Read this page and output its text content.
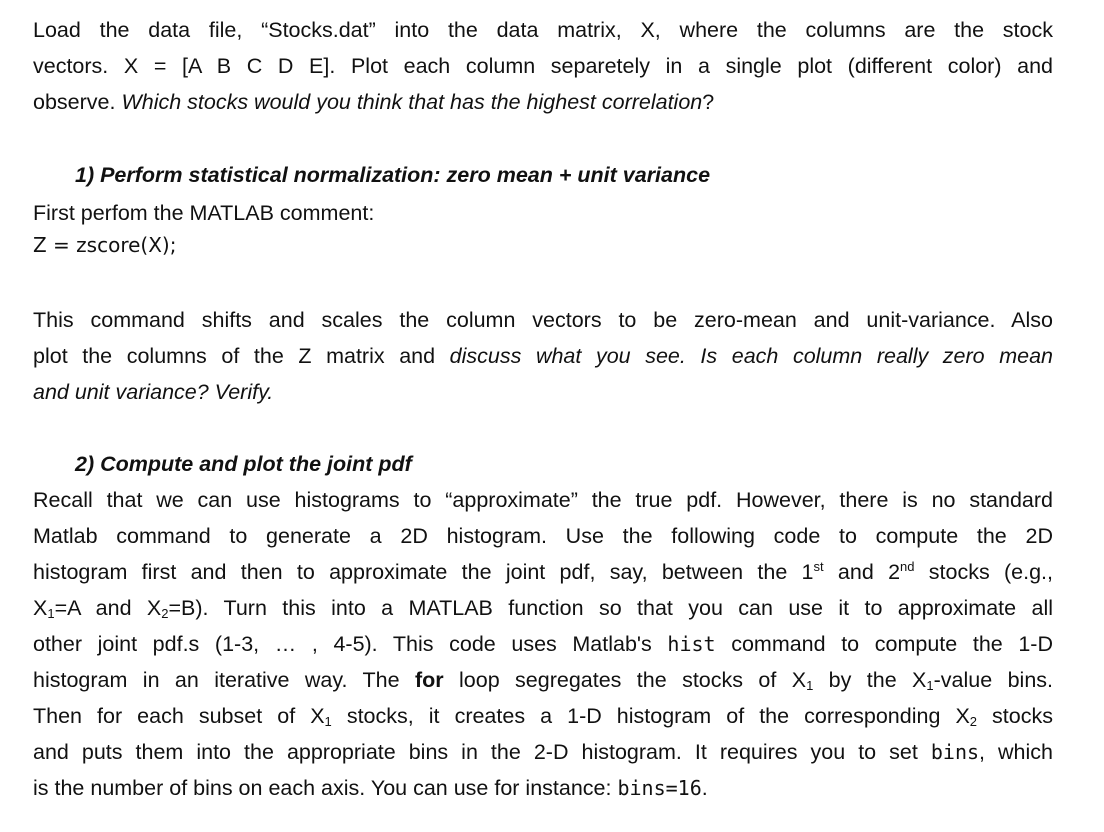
Load the data file, “Stocks.dat” into the data matrix, X, where the columns are the stock
vectors. X = [A B C D E]. Plot each column separetely in a single plot (different color) and
observe. Which stocks would you think that has the highest correlation?
1) Perform statistical normalization: zero mean + unit variance
First perfom the MATLAB comment:
Z = zscore(X);
This command shifts and scales the column vectors to be zero-mean and unit-variance. Also
plot the columns of the Z matrix and discuss what you see. Is each column really zero mean
and unit variance? Verify.
2) Compute and plot the joint pdf
Recall that we can use histograms to “approximate” the true pdf. However, there is no standard
Matlab command to generate a 2D histogram. Use the following code to compute the 2D
histogram first and then to approximate the joint pdf, say, between the 1st and 2nd stocks (e.g.,
$X_1=A$ and $X_2=B$). Turn this into a MATLAB function so that you can use it to approximate all
other joint pdf.s (1-3, … , 4-5). This code uses Matlab's hist command to compute the 1-D
histogram in an iterative way. The for loop segregates the stocks of $X_1$ by the $X_1$-value bins.
Then for each subset of $X_1$ stocks, it creates a 1-D histogram of the corresponding $X_2$ stocks
and puts them into the appropriate bins in the 2-D histogram. It requires you to set bins, which
is the number of bins on each axis. You can use for instance: bins=16.
